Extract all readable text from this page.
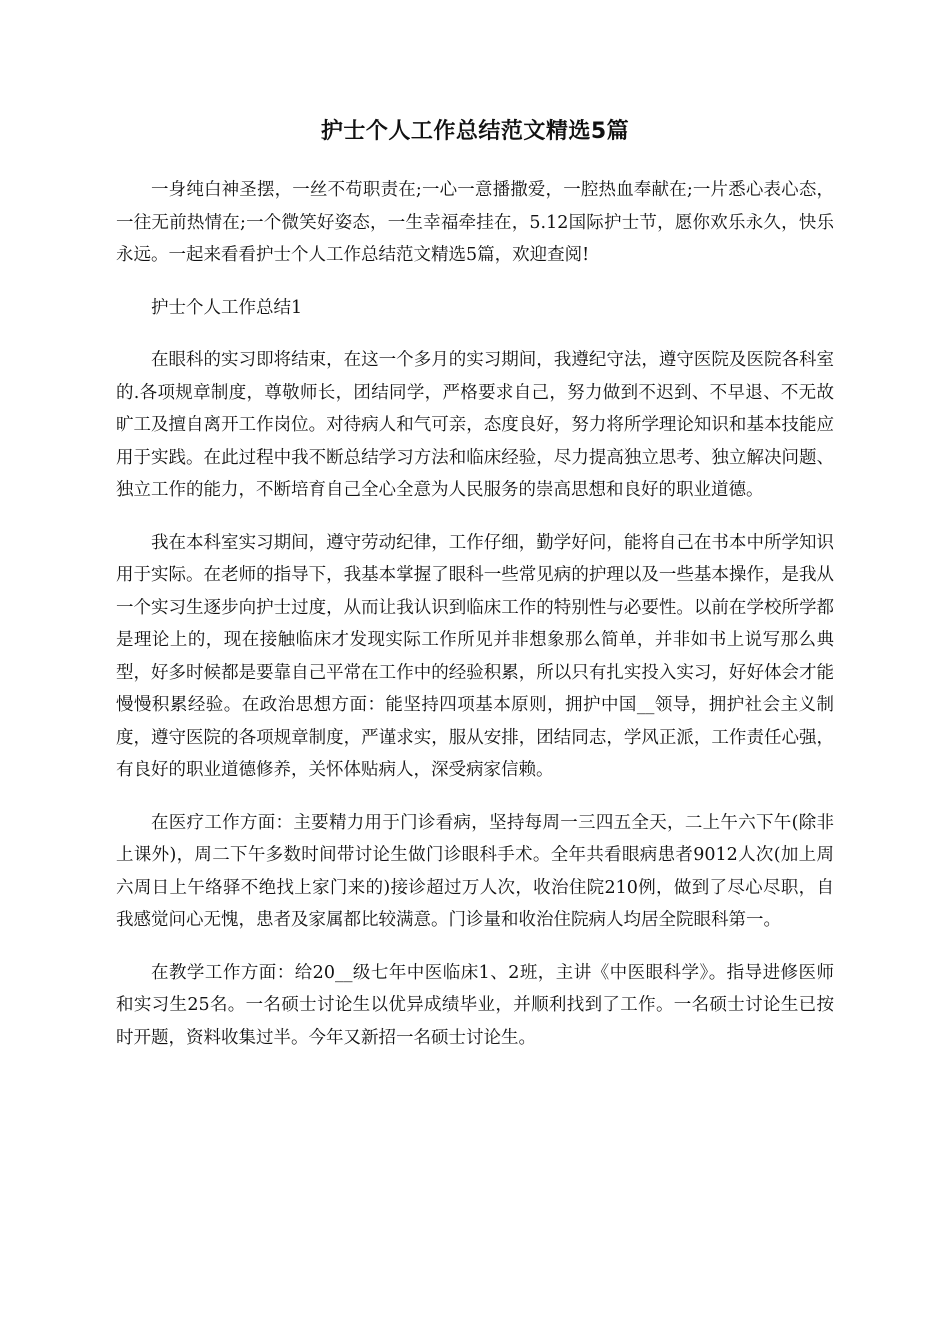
护士个人工作总结范文精选5篇

一身纯白神圣摆，一丝不苟职责在;一心一意播撒爱，一腔热血奉献在;一片悉心表心态，一往无前热情在;一个微笑好姿态，一生幸福牵挂在，5.12国际护士节，愿你欢乐永久，快乐永远。一起来看看护士个人工作总结范文精选5篇，欢迎查阅!

护士个人工作总结1

在眼科的实习即将结束，在这一个多月的实习期间，我遵纪守法，遵守医院及医院各科室的.各项规章制度，尊敬师长，团结同学，严格要求自己，努力做到不迟到、不早退、不无故旷工及擅自离开工作岗位。对待病人和气可亲，态度良好，努力将所学理论知识和基本技能应用于实践。在此过程中我不断总结学习方法和临床经验，尽力提高独立思考、独立解决问题、独立工作的能力，不断培育自己全心全意为人民服务的崇高思想和良好的职业道德。

我在本科室实习期间，遵守劳动纪律，工作仔细，勤学好问，能将自己在书本中所学知识用于实际。在老师的指导下，我基本掌握了眼科一些常见病的护理以及一些基本操作，是我从一个实习生逐步向护士过度，从而让我认识到临床工作的特别性与必要性。以前在学校所学都是理论上的，现在接触临床才发现实际工作所见并非想象那么简单，并非如书上说写那么典型，好多时候都是要靠自己平常在工作中的经验积累，所以只有扎实投入实习，好好体会才能慢慢积累经验。在政治思想方面：能坚持四项基本原则，拥护中国__领导，拥护社会主义制度，遵守医院的各项规章制度，严谨求实，服从安排，团结同志，学风正派，工作责任心强，有良好的职业道德修养，关怀体贴病人，深受病家信赖。

在医疗工作方面：主要精力用于门诊看病，坚持每周一三四五全天，二上午六下午(除非上课外)，周二下午多数时间带讨论生做门诊眼科手术。全年共看眼病患者9012人次(加上周六周日上午络驿不绝找上家门来的)接诊超过万人次，收治住院210例，做到了尽心尽职，自我感觉问心无愧，患者及家属都比较满意。门诊量和收治住院病人均居全院眼科第一。

在教学工作方面：给20__级七年中医临床1、2班，主讲《中医眼科学》。指导进修医师和实习生25名。一名硕士讨论生以优异成绩毕业，并顺利找到了工作。一名硕士讨论生已按时开题，资料收集过半。今年又新招一名硕士讨论生。
